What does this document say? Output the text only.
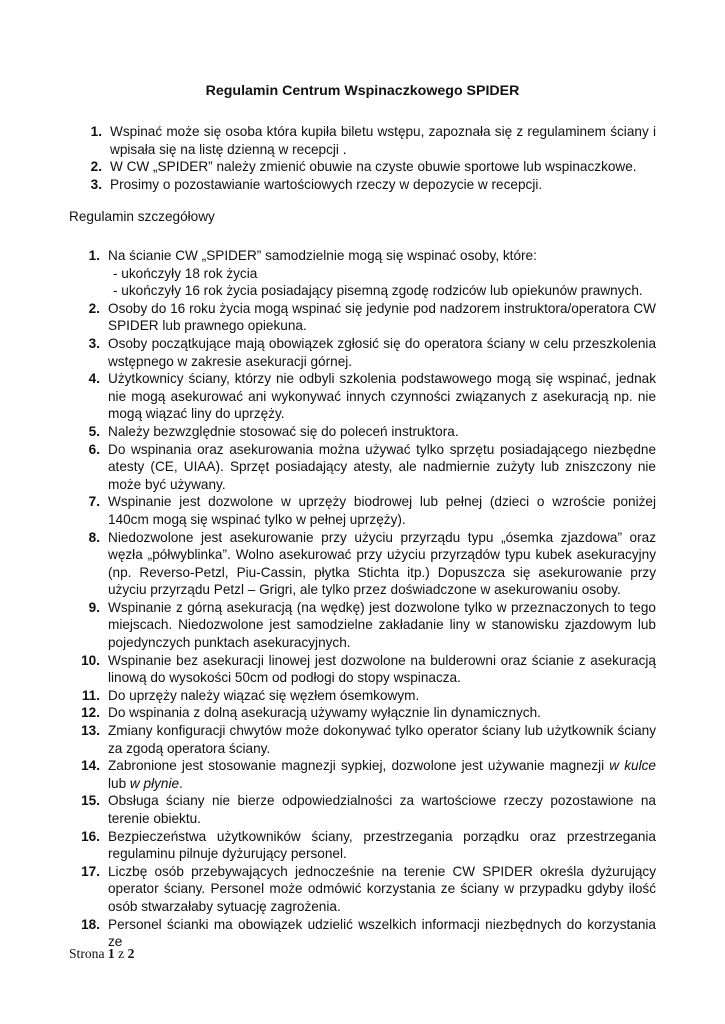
Regulamin Centrum Wspinaczkowego SPIDER
1. Wspinać może się osoba która kupiła biletu wstępu, zapoznała się z regulaminem ściany i wpisała się na listę dzienną w recepcji .
2. W CW „SPIDER” należy zmienić obuwie na czyste obuwie sportowe lub wspinaczkowe.
3. Prosimy o pozostawianie wartościowych rzeczy w depozycie w recepcji.

Regulamin szczegółowy

1. Na ścianie CW „SPIDER” samodzielnie mogą się wspinać osoby, które:
- ukończyły 18 rok życia
- ukończyły 16 rok życia posiadający pisemną zgodę rodziców lub opiekunów prawnych.
2. Osoby do 16 roku życia mogą wspinać się jedynie pod nadzorem instruktora/operatora CW SPIDER lub prawnego opiekuna.
3. Osoby początkujące mają obowiązek zgłosić się do operatora ściany w celu przeszkolenia wstępnego w zakresie asekuracji górnej.
4. Użytkownicy ściany, którzy nie odbyli szkolenia podstawowego mogą się wspinać, jednak nie mogą asekurować ani wykonywać innych czynności związanych z asekuracją np. nie mogą wiązać liny do uprzęży.
5. Należy bezwzględnie stosować się do poleceń instruktora.
6. Do wspinania oraz asekurowania można używać tylko sprzętu posiadającego niezbędne atesty (CE, UIAA). Sprzęt posiadający atesty, ale nadmiernie zużyty lub zniszczony nie może być używany.
7. Wspinanie jest dozwolone w uprzęży biodrowej lub pełnej (dzieci o wzroście poniżej 140cm mogą się wspinać tylko w pełnej uprzęży).
8. Niedozwolone jest asekurowanie przy użyciu przyrządu typu „ósemka zjazdowa” oraz węzła „półwyblinka”. Wolno asekurować przy użyciu przyrządów typu kubek asekuracyjny (np. Reverso-Petzl, Piu-Cassin, płytka Stichta itp.) Dopuszcza się asekurowanie przy użyciu przyrządu Petzl – Grigri, ale tylko przez doświadczone w asekurowaniu osoby.
9. Wspinanie z górną asekuracją (na wędkę) jest dozwolone tylko w przeznaczonych to tego miejscach. Niedozwolone jest samodzielne zakładanie liny w stanowisku zjazdowym lub pojedynczych punktach asekuracyjnych.
10. Wspinanie bez asekuracji linowej jest dozwolone na bulderowni oraz ścianie z asekuracją linową do wysokości 50cm od podłogi do stopy wspinacza.
11. Do uprzęży należy wiązać się węzłem ósemkowym.
12. Do wspinania z dolną asekuracją używamy wyłącznie lin dynamicznych.
13. Zmiany konfiguracji chwytów może dokonywać tylko operator ściany lub użytkownik ściany za zgodą operatora ściany.
14. Zabronione jest stosowanie magnezji sypkiej, dozwolone jest używanie magnezji w kulce lub w płynie.
15. Obsługa ściany nie bierze odpowiedzialności za wartościowe rzeczy pozostawione na terenie obiektu.
16. Bezpieczeństwa użytkowników ściany, przestrzegania porządku oraz przestrzegania regulaminu pilnuje dyżurujący personel.
17. Liczbę osób przebywających jednocześnie na terenie CW SPIDER określa dyżurujący operator ściany. Personel może odmówić korzystania ze ściany w przypadku gdyby ilość osób stwarzałaby sytuację zagrożenia.
18. Personel ścianki ma obowiązek udzielić wszelkich informacji niezbędnych do korzystania ze
Strona 1 z 2
